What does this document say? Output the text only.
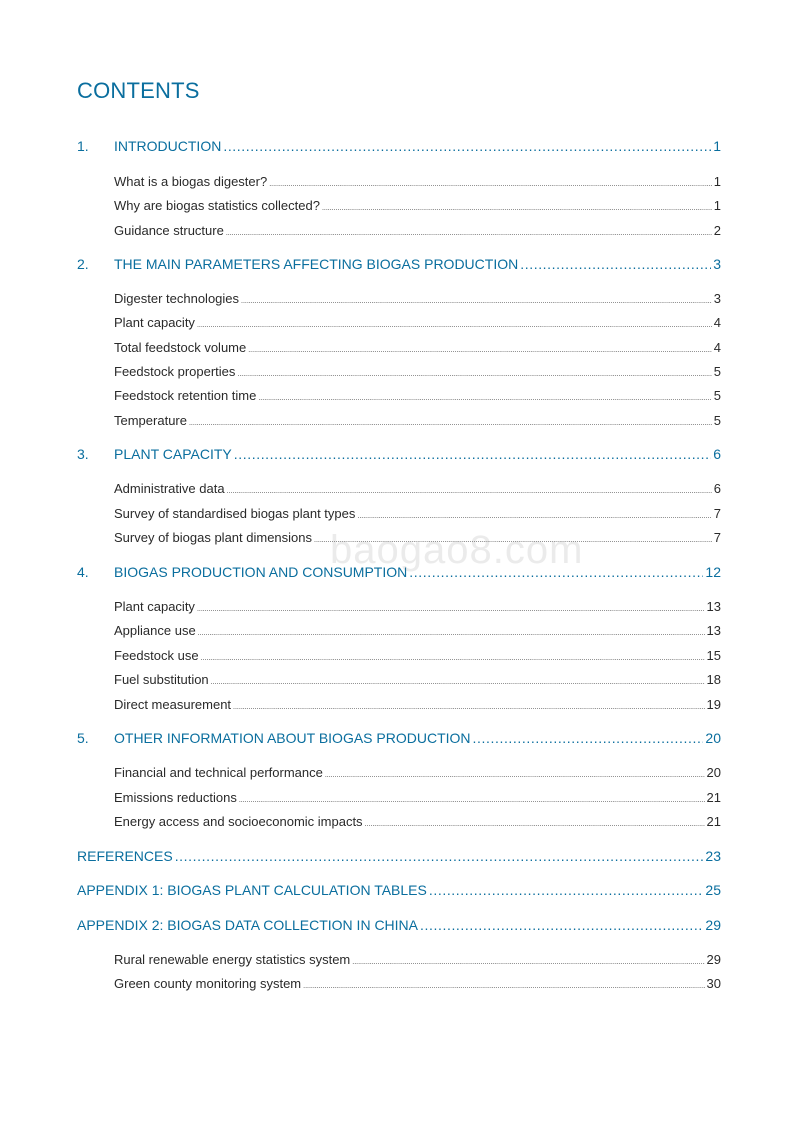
CONTENTS
1.	INTRODUCTION .....	1
What is a biogas digester? .....	1
Why are biogas statistics collected? .....	1
Guidance structure .....	2
2.	THE MAIN PARAMETERS AFFECTING BIOGAS PRODUCTION .....	3
Digester technologies .....	3
Plant capacity .....	4
Total feedstock volume .....	4
Feedstock properties .....	5
Feedstock retention time .....	5
Temperature .....	5
3.	PLANT CAPACITY .....	6
Administrative data .....	6
Survey of standardised biogas plant types .....	7
Survey of biogas plant dimensions .....	7
4.	BIOGAS PRODUCTION AND CONSUMPTION .....	12
Plant capacity .....	13
Appliance use .....	13
Feedstock use .....	15
Fuel substitution .....	18
Direct measurement .....	19
5.	OTHER INFORMATION ABOUT BIOGAS PRODUCTION .....	20
Financial and technical performance .....	20
Emissions reductions .....	21
Energy access and socioeconomic impacts .....	21
REFERENCES .....	23
APPENDIX 1: BIOGAS PLANT CALCULATION TABLES .....	25
APPENDIX 2: BIOGAS DATA COLLECTION IN CHINA .....	29
Rural renewable energy statistics system .....	29
Green county monitoring system .....	30
baogao8.com
